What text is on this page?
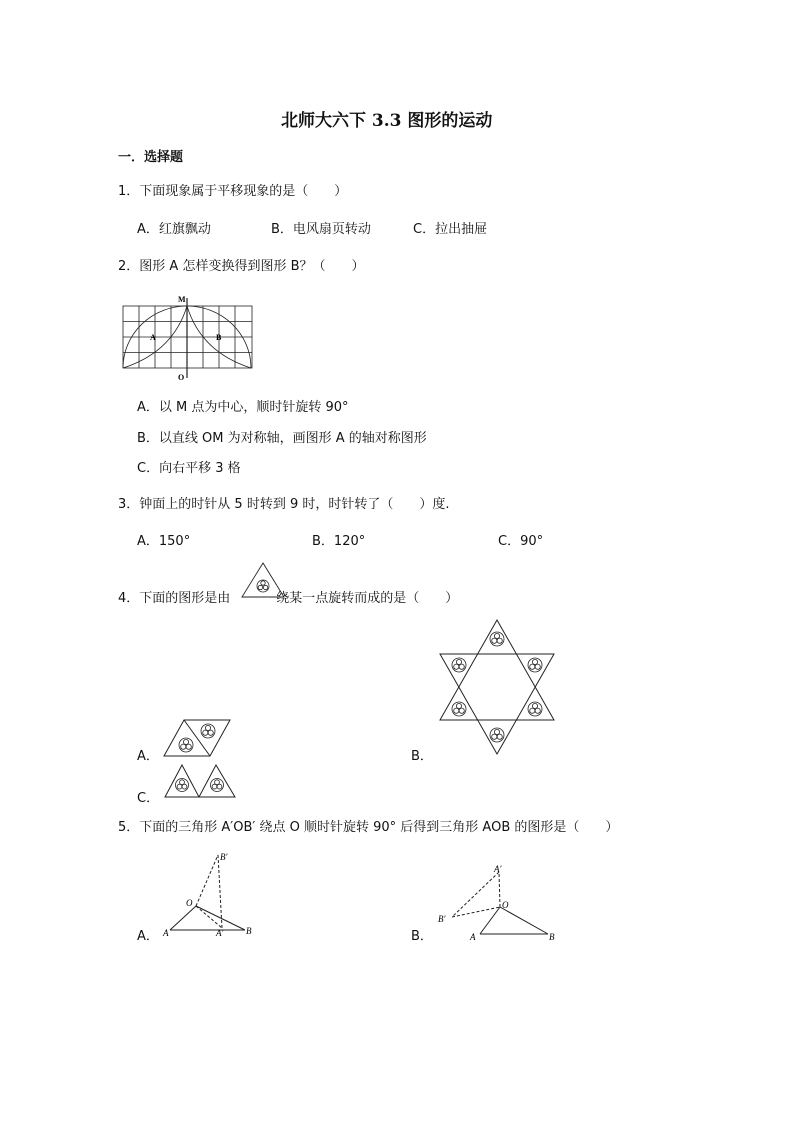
北师大六下 3.3 图形的运动
一．选择题
1．下面现象属于平移现象的是（　　）
A．红旗飘动	B．电风扇页转动	C．拉出抽屉
2．图形 A 怎样变换得到图形 B？（　　）
M
O
A	B
A．以 M 点为中心，顺时针旋转 90°
B．以直线 OM 为对称轴，画图形 A 的轴对称图形
C．向右平移 3 格
3．钟面上的时针从 5 时转到 9 时，时针转了（　　）度.
A．150°	B．120°	C．90°
4．下面的图形是由	绕某一点旋转而成的是（　　）
A．	B．
C．
5．下面的三角形 A′OB′ 绕点 O 顺时针旋转 90° 后得到三角形 AOB 的图形是（　　）
A．
B′
O
A	A′	B	B．
A′
O
B′
A	B
